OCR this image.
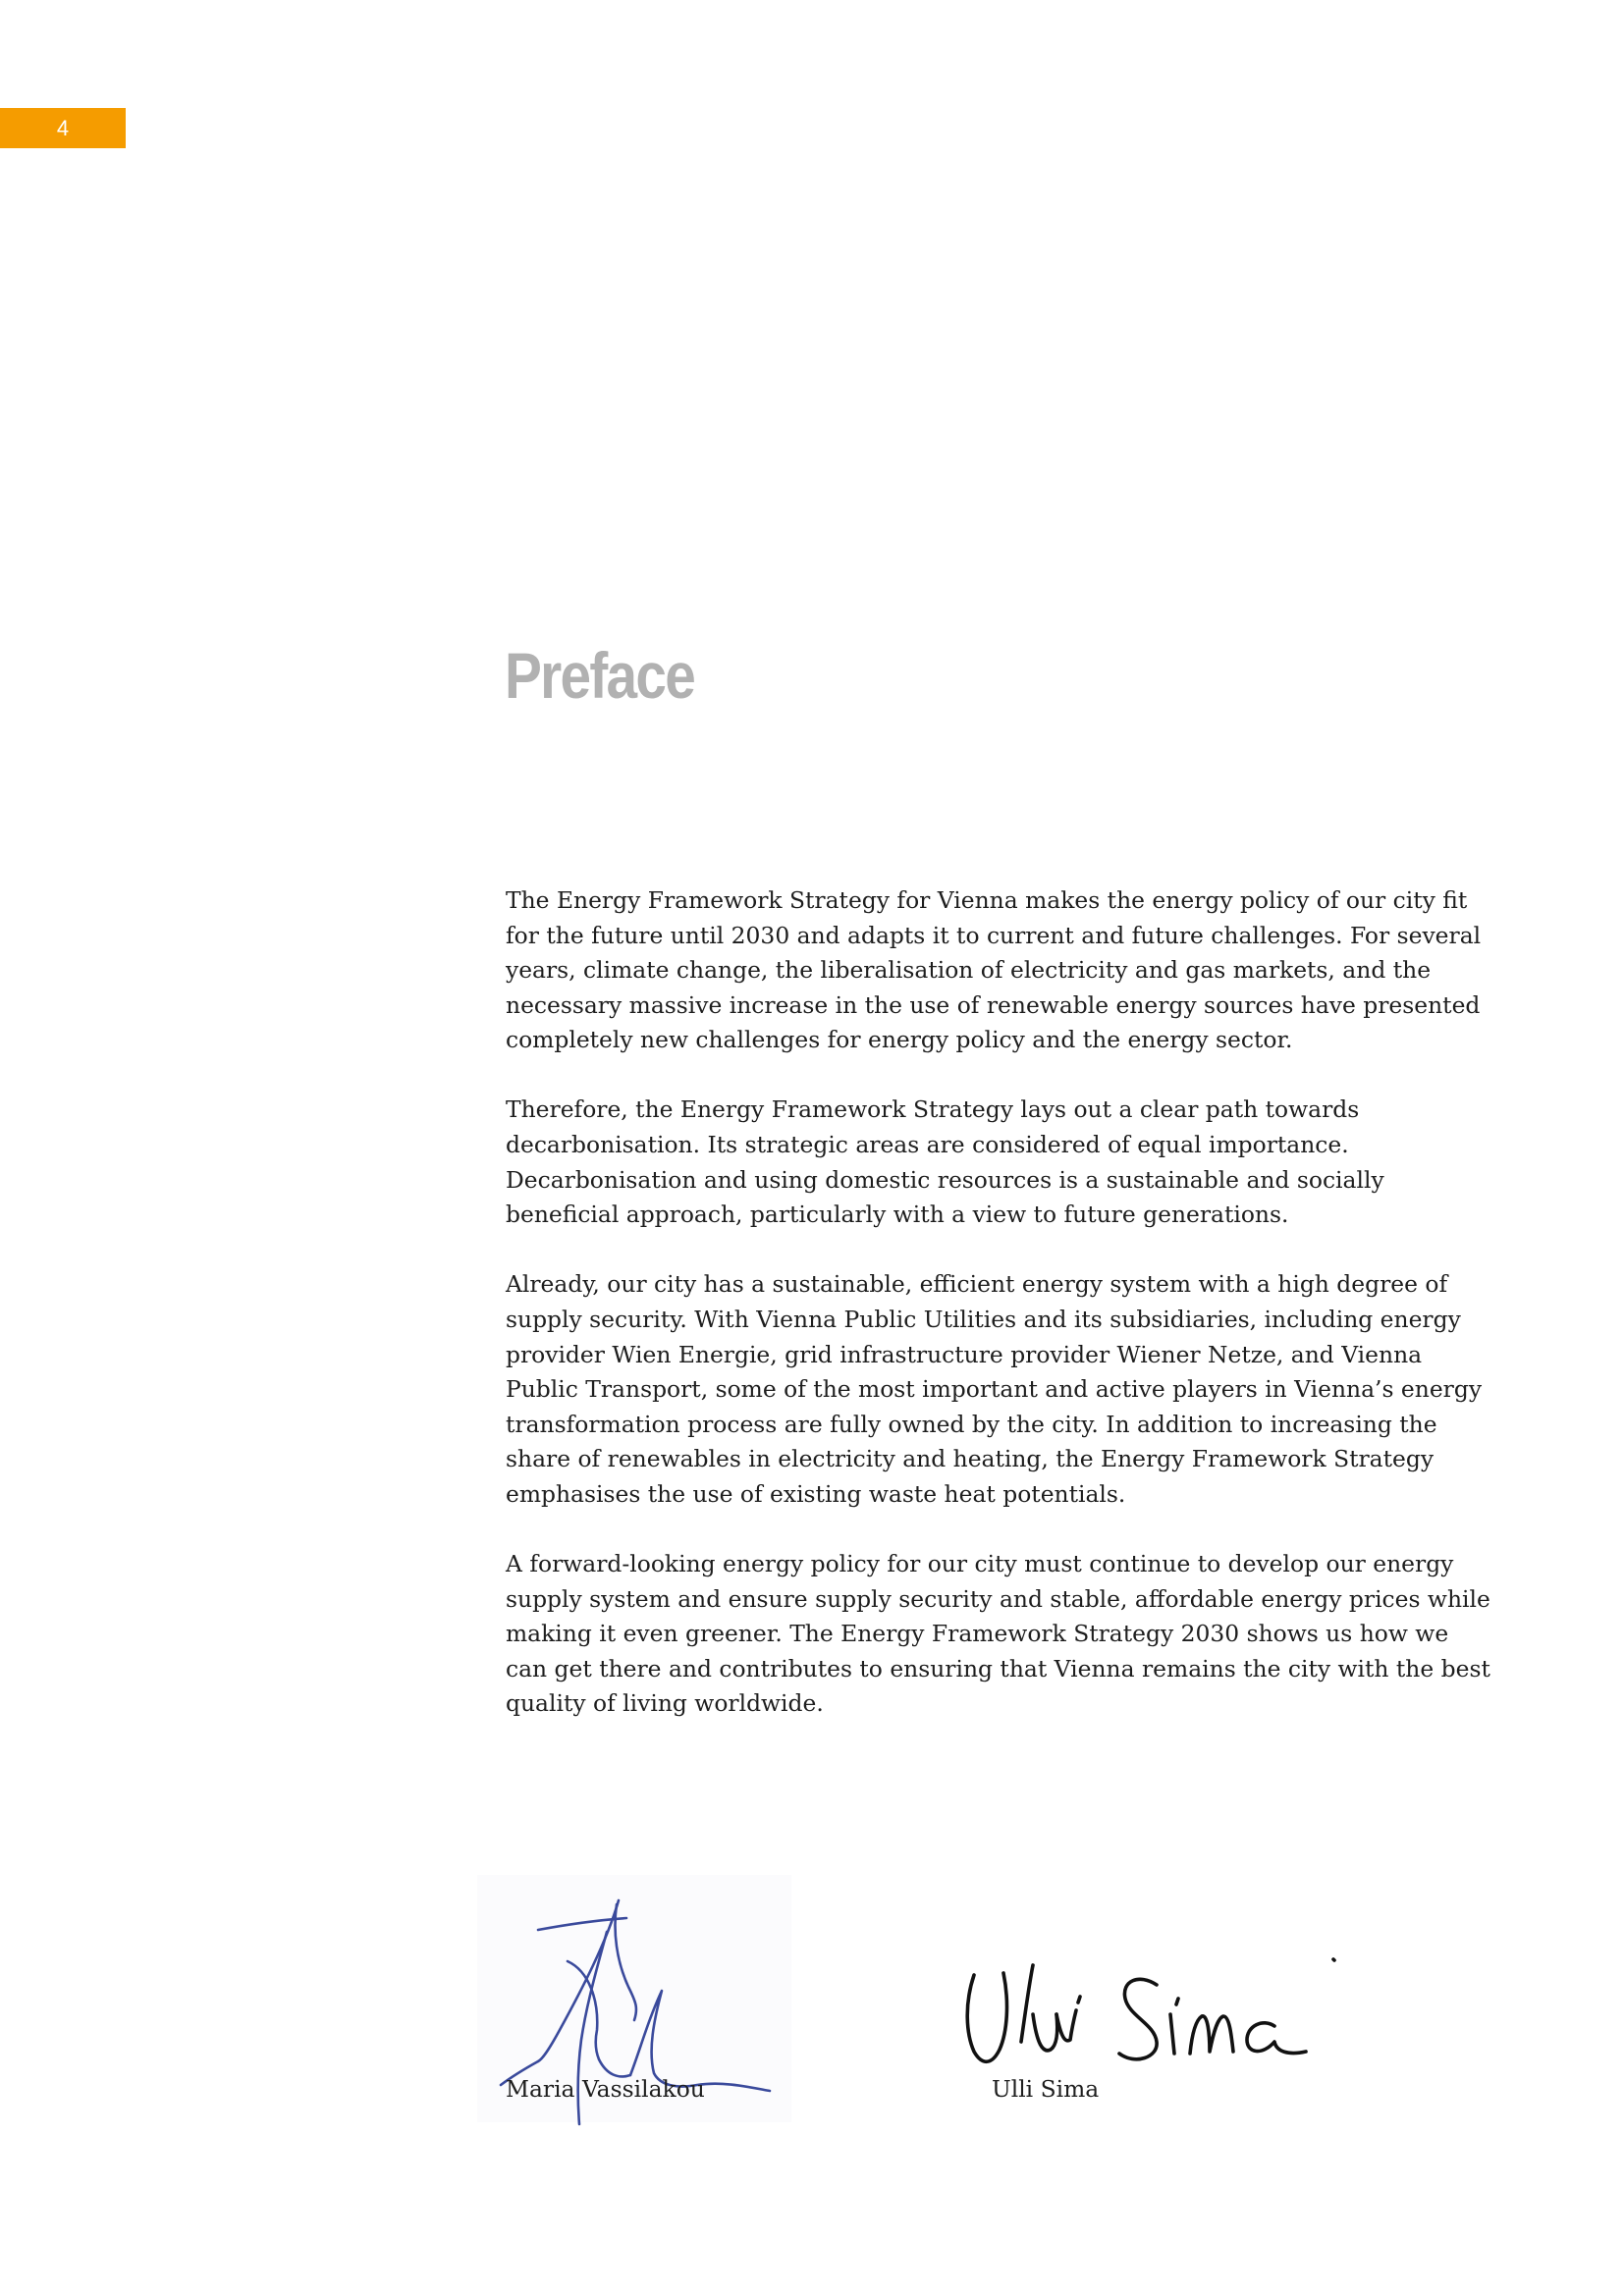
4
Preface

The Energy Framework Strategy for Vienna makes the energy policy of our city fit for the future until 2030 and adapts it to current and future challenges. For several years, climate change, the liberalisation of electricity and gas markets, and the necessary massive increase in the use of renewable energy sources have presented completely new challenges for energy policy and the energy sector.

Therefore, the Energy Framework Strategy lays out a clear path towards decarbonisation. Its strategic areas are considered of equal importance. Decarbonisation and using domestic resources is a sustainable and socially beneficial approach, particularly with a view to future generations.

Already, our city has a sustainable, efficient energy system with a high degree of supply security. With Vienna Public Utilities and its subsidiaries, including energy provider Wien Energie, grid infrastructure provider Wiener Netze, and Vienna Public Transport, some of the most important and active players in Vienna’s energy transformation process are fully owned by the city. In addition to increasing the share of renewables in electricity and heating, the Energy Framework Strategy emphasises the use of existing waste heat potentials.

A forward-looking energy policy for our city must continue to develop our energy supply system and ensure supply security and stable, affordable energy prices while making it even greener. The Energy Framework Strategy 2030 shows us how we can get there and contributes to ensuring that Vienna remains the city with the best quality of living worldwide.

Maria Vassilakou	Ulli Sima
